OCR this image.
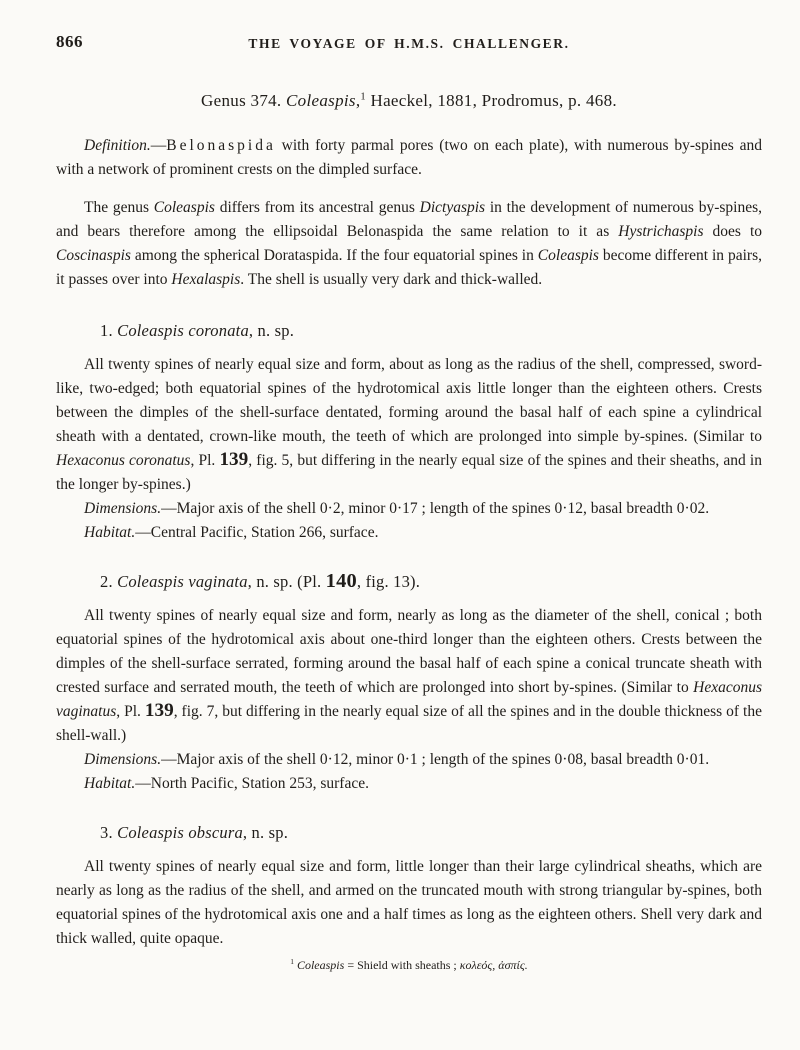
866	THE VOYAGE OF H.M.S. CHALLENGER.
Genus 374. Coleaspis,$^1$ Haeckel, 1881, Prodromus, p. 468.

Definition.—Belonaspida with forty parmal pores (two on each plate), with numerous by-spines and with a network of prominent crests on the dimpled surface.

The genus Coleaspis differs from its ancestral genus Dictyaspis in the development of numerous by-spines, and bears therefore among the ellipsoidal Belonaspida the same relation to it as Hystrichaspis does to Coscinaspis among the spherical Dorataspida. If the four equatorial spines in Coleaspis become different in pairs, it passes over into Hexalaspis. The shell is usually very dark and thick-walled.

1. Coleaspis coronata, n. sp.

All twenty spines of nearly equal size and form, about as long as the radius of the shell, compressed, sword-like, two-edged; both equatorial spines of the hydrotomical axis little longer than the eighteen others. Crests between the dimples of the shell-surface dentated, forming around the basal half of each spine a cylindrical sheath with a dentated, crown-like mouth, the teeth of which are prolonged into simple by-spines. (Similar to Hexaconus coronatus, Pl. 139, fig. 5, but differing in the nearly equal size of the spines and their sheaths, and in the longer by-spines.)

Dimensions.—Major axis of the shell 0·2, minor 0·17 ; length of the spines 0·12, basal breadth 0·02.

Habitat.—Central Pacific, Station 266, surface.

2. Coleaspis vaginata, n. sp. (Pl. 140, fig. 13).

All twenty spines of nearly equal size and form, nearly as long as the diameter of the shell, conical ; both equatorial spines of the hydrotomical axis about one-third longer than the eighteen others. Crests between the dimples of the shell-surface serrated, forming around the basal half of each spine a conical truncate sheath with crested surface and serrated mouth, the teeth of which are prolonged into short by-spines. (Similar to Hexaconus vaginatus, Pl. 139, fig. 7, but differing in the nearly equal size of all the spines and in the double thickness of the shell-wall.)

Dimensions.—Major axis of the shell 0·12, minor 0·1 ; length of the spines 0·08, basal breadth 0·01.

Habitat.—North Pacific, Station 253, surface.

3. Coleaspis obscura, n. sp.

All twenty spines of nearly equal size and form, little longer than their large cylindrical sheaths, which are nearly as long as the radius of the shell, and armed on the truncated mouth with strong triangular by-spines, both equatorial spines of the hydrotomical axis one and a half times as long as the eighteen others. Shell very dark and thick walled, quite opaque.

$^1$ Coleaspis = Shield with sheaths ; κολεός, ἀσπίς.
